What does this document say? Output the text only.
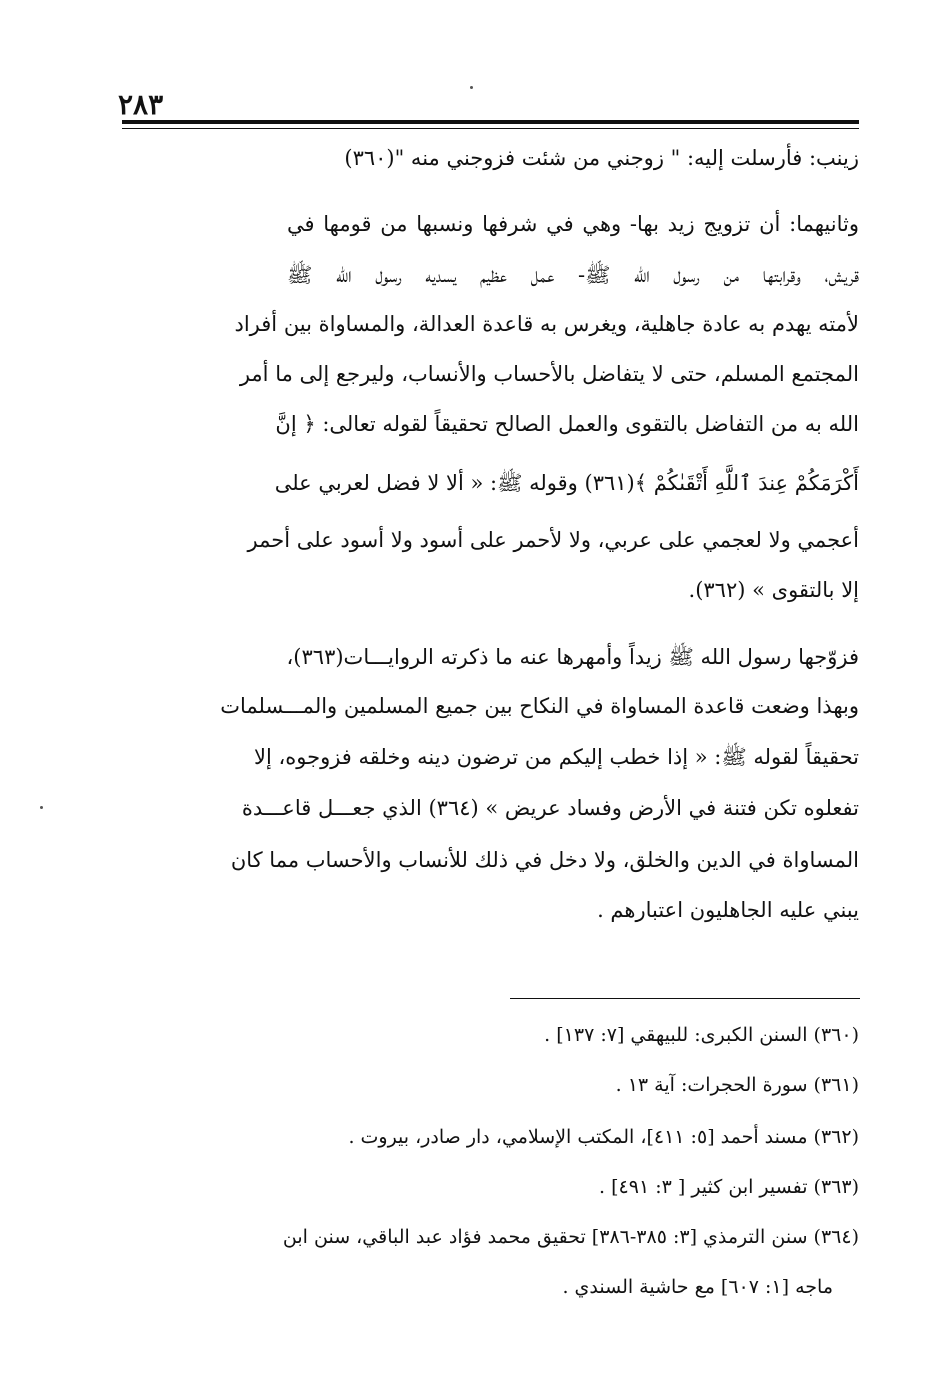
٢٨٣
زينب: فأرسلت إليه: " زوجني من شئت فزوجني منه "(٣٦٠)
وثانيهما: أن تزويج زيد بها- وهي في شرفها ونسبها من قومها في
قريش، وقرابتها من رسول الله ﷺ- عمل عظيم يسديه رسول الله ﷺ
لأمته يهدم به عادة جاهلية، ويغرس به قاعدة العدالة، والمساواة بين أفراد
المجتمع المسلم، حتى لا يتفاضل بالأحساب والأنساب، وليرجع إلى ما أمر
الله به من التفاضل بالتقوى والعمل الصالح تحقيقاً لقوله تعالى: ﴿ إنَّ
أَكْرَمَكُمْ عِندَ ٱللَّهِ أَتْقَىٰكُمْ ﴾(٣٦١) وقوله ﷺ: « ألا لا فضل لعربي على
أعجمي ولا لعجمي على عربي، ولا لأحمر على أسود ولا أسود على أحمر
إلا بالتقوى » (٣٦٢).
فزوّجها رسول الله ﷺ زيداً وأمهرها عنه ما ذكرته الروايـــات(٣٦٣)،
وبهذا وضعت قاعدة المساواة في النكاح بين جميع المسلمين والمـــسلمات
تحقيقاً لقوله ﷺ: « إذا خطب إليكم من ترضون دينه وخلقه فزوجوه، إلا
تفعلوه تكن فتنة في الأرض وفساد عريض » (٣٦٤) الذي جعـــل قاعـــدة
المساواة في الدين والخلق، ولا دخل في ذلك للأنساب والأحساب مما كان
يبني عليه الجاهليون اعتبارهم .
(٣٦٠) السنن الكبرى: للبيهقي [٧: ١٣٧] .
(٣٦١) سورة الحجرات: آية ١٣ .
(٣٦٢) مسند أحمد [٥: ٤١١]، المكتب الإسلامي، دار صادر، بيروت .
(٣٦٣) تفسير ابن كثير [ ٣: ٤٩١] .
(٣٦٤) سنن الترمذي [٣: ٣٨٥-٣٨٦] تحقيق محمد فؤاد عبد الباقي، سنن ابن
ماجه [١: ٦٠٧] مع حاشية السندي .
